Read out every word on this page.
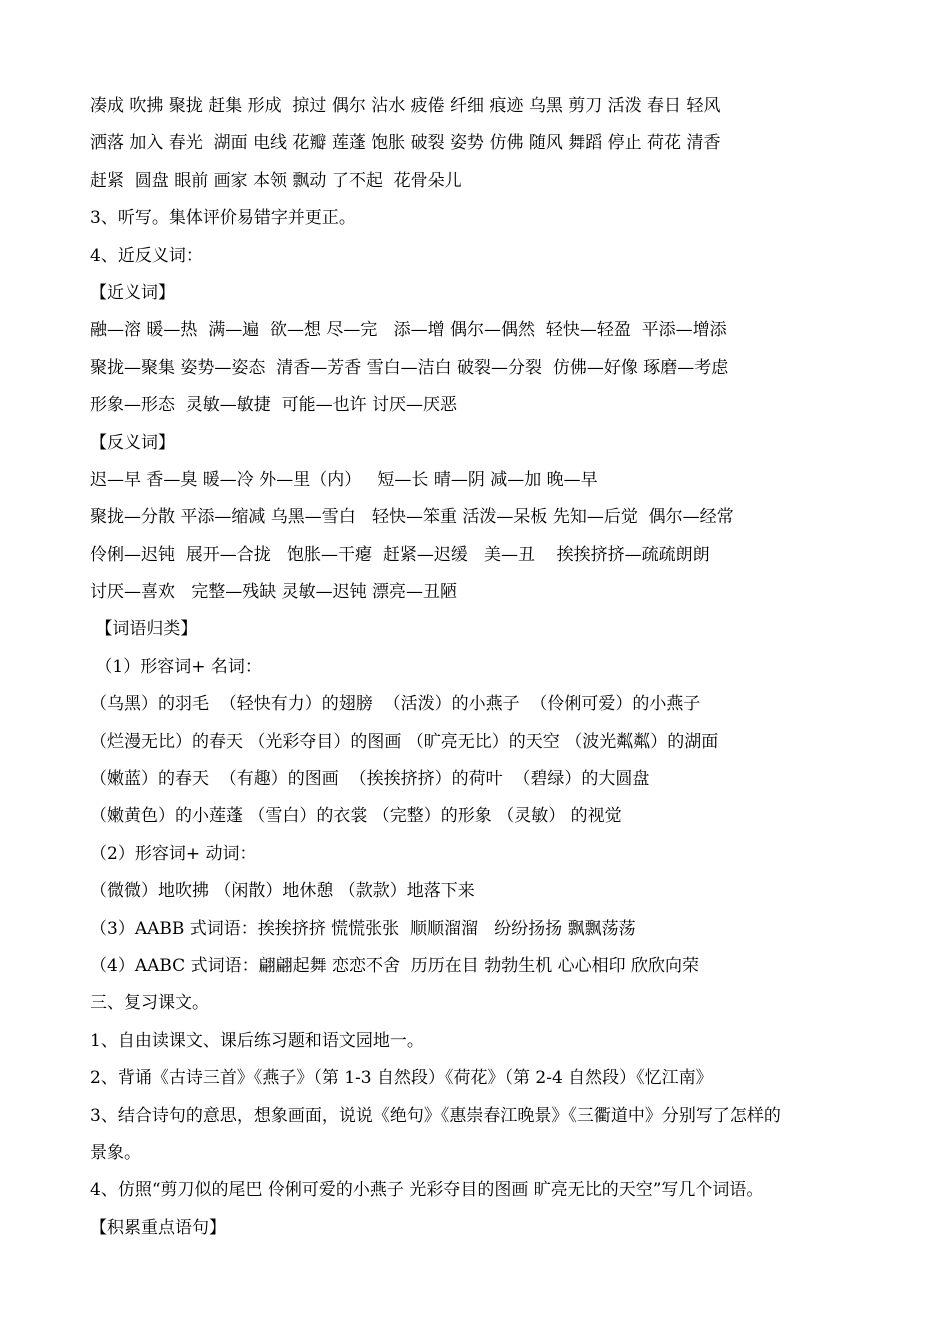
凑成 吹拂 聚拢 赶集 形成  掠过 偶尔 沾水 疲倦 纤细 痕迹 乌黑 剪刀 活泼 春日 轻风
洒落 加入 春光  湖面 电线 花瓣 莲蓬 饱胀 破裂 姿势 仿佛 随风 舞蹈 停止 荷花 清香
赶紧  圆盘 眼前 画家 本领 飘动 了不起  花骨朵儿
3、听写。集体评价易错字并更正。
4、近反义词：
【近义词】
融—溶 暖—热  满—遍  欲—想 尽—完   添—增 偶尔—偶然  轻快—轻盈  平添—增添
聚拢—聚集 姿势—姿态  清香—芳香 雪白—洁白 破裂—分裂  仿佛—好像 琢磨—考虑
形象—形态  灵敏—敏捷  可能—也许 讨厌—厌恶
【反义词】
迟—早 香—臭 暖—冷 外—里（内）   短—长 晴—阴 减—加 晚—早
聚拢—分散 平添—缩减 乌黑—雪白   轻快—笨重 活泼—呆板 先知—后觉  偶尔—经常
伶俐—迟钝  展开—合拢   饱胀—干瘪  赶紧—迟缓   美—丑    挨挨挤挤—疏疏朗朗
讨厌—喜欢   完整—残缺 灵敏—迟钝 漂亮—丑陋
【词语归类】
（1）形容词+ 名词：
（乌黑）的羽毛  （轻快有力）的翅膀  （活泼）的小燕子  （伶俐可爱）的小燕子
（烂漫无比）的春天 （光彩夺目）的图画 （旷亮无比）的天空 （波光粼粼）的湖面
（嫩蓝）的春天  （有趣）的图画  （挨挨挤挤）的荷叶  （碧绿）的大圆盘
（嫩黄色）的小莲蓬 （雪白）的衣裳 （完整）的形象 （灵敏） 的视觉
（2）形容词+ 动词：
（微微）地吹拂 （闲散）地休憩 （款款）地落下来
（3）AABB 式词语：挨挨挤挤 慌慌张张  顺顺溜溜   纷纷扬扬 飘飘荡荡
（4）AABC 式词语：翩翩起舞 恋恋不舍  历历在目 勃勃生机 心心相印 欣欣向荣
三、复习课文。
1、自由读课文、课后练习题和语文园地一。
2、背诵《古诗三首》《燕子》（第 1-3 自然段）《荷花》（第 2-4 自然段）《忆江南》
3、结合诗句的意思，想象画面，说说《绝句》《惠崇春江晚景》《三衢道中》分别写了怎样的
景象。
4、仿照“剪刀似的尾巴 伶俐可爱的小燕子 光彩夺目的图画 旷亮无比的天空”写几个词语。
【积累重点语句】
